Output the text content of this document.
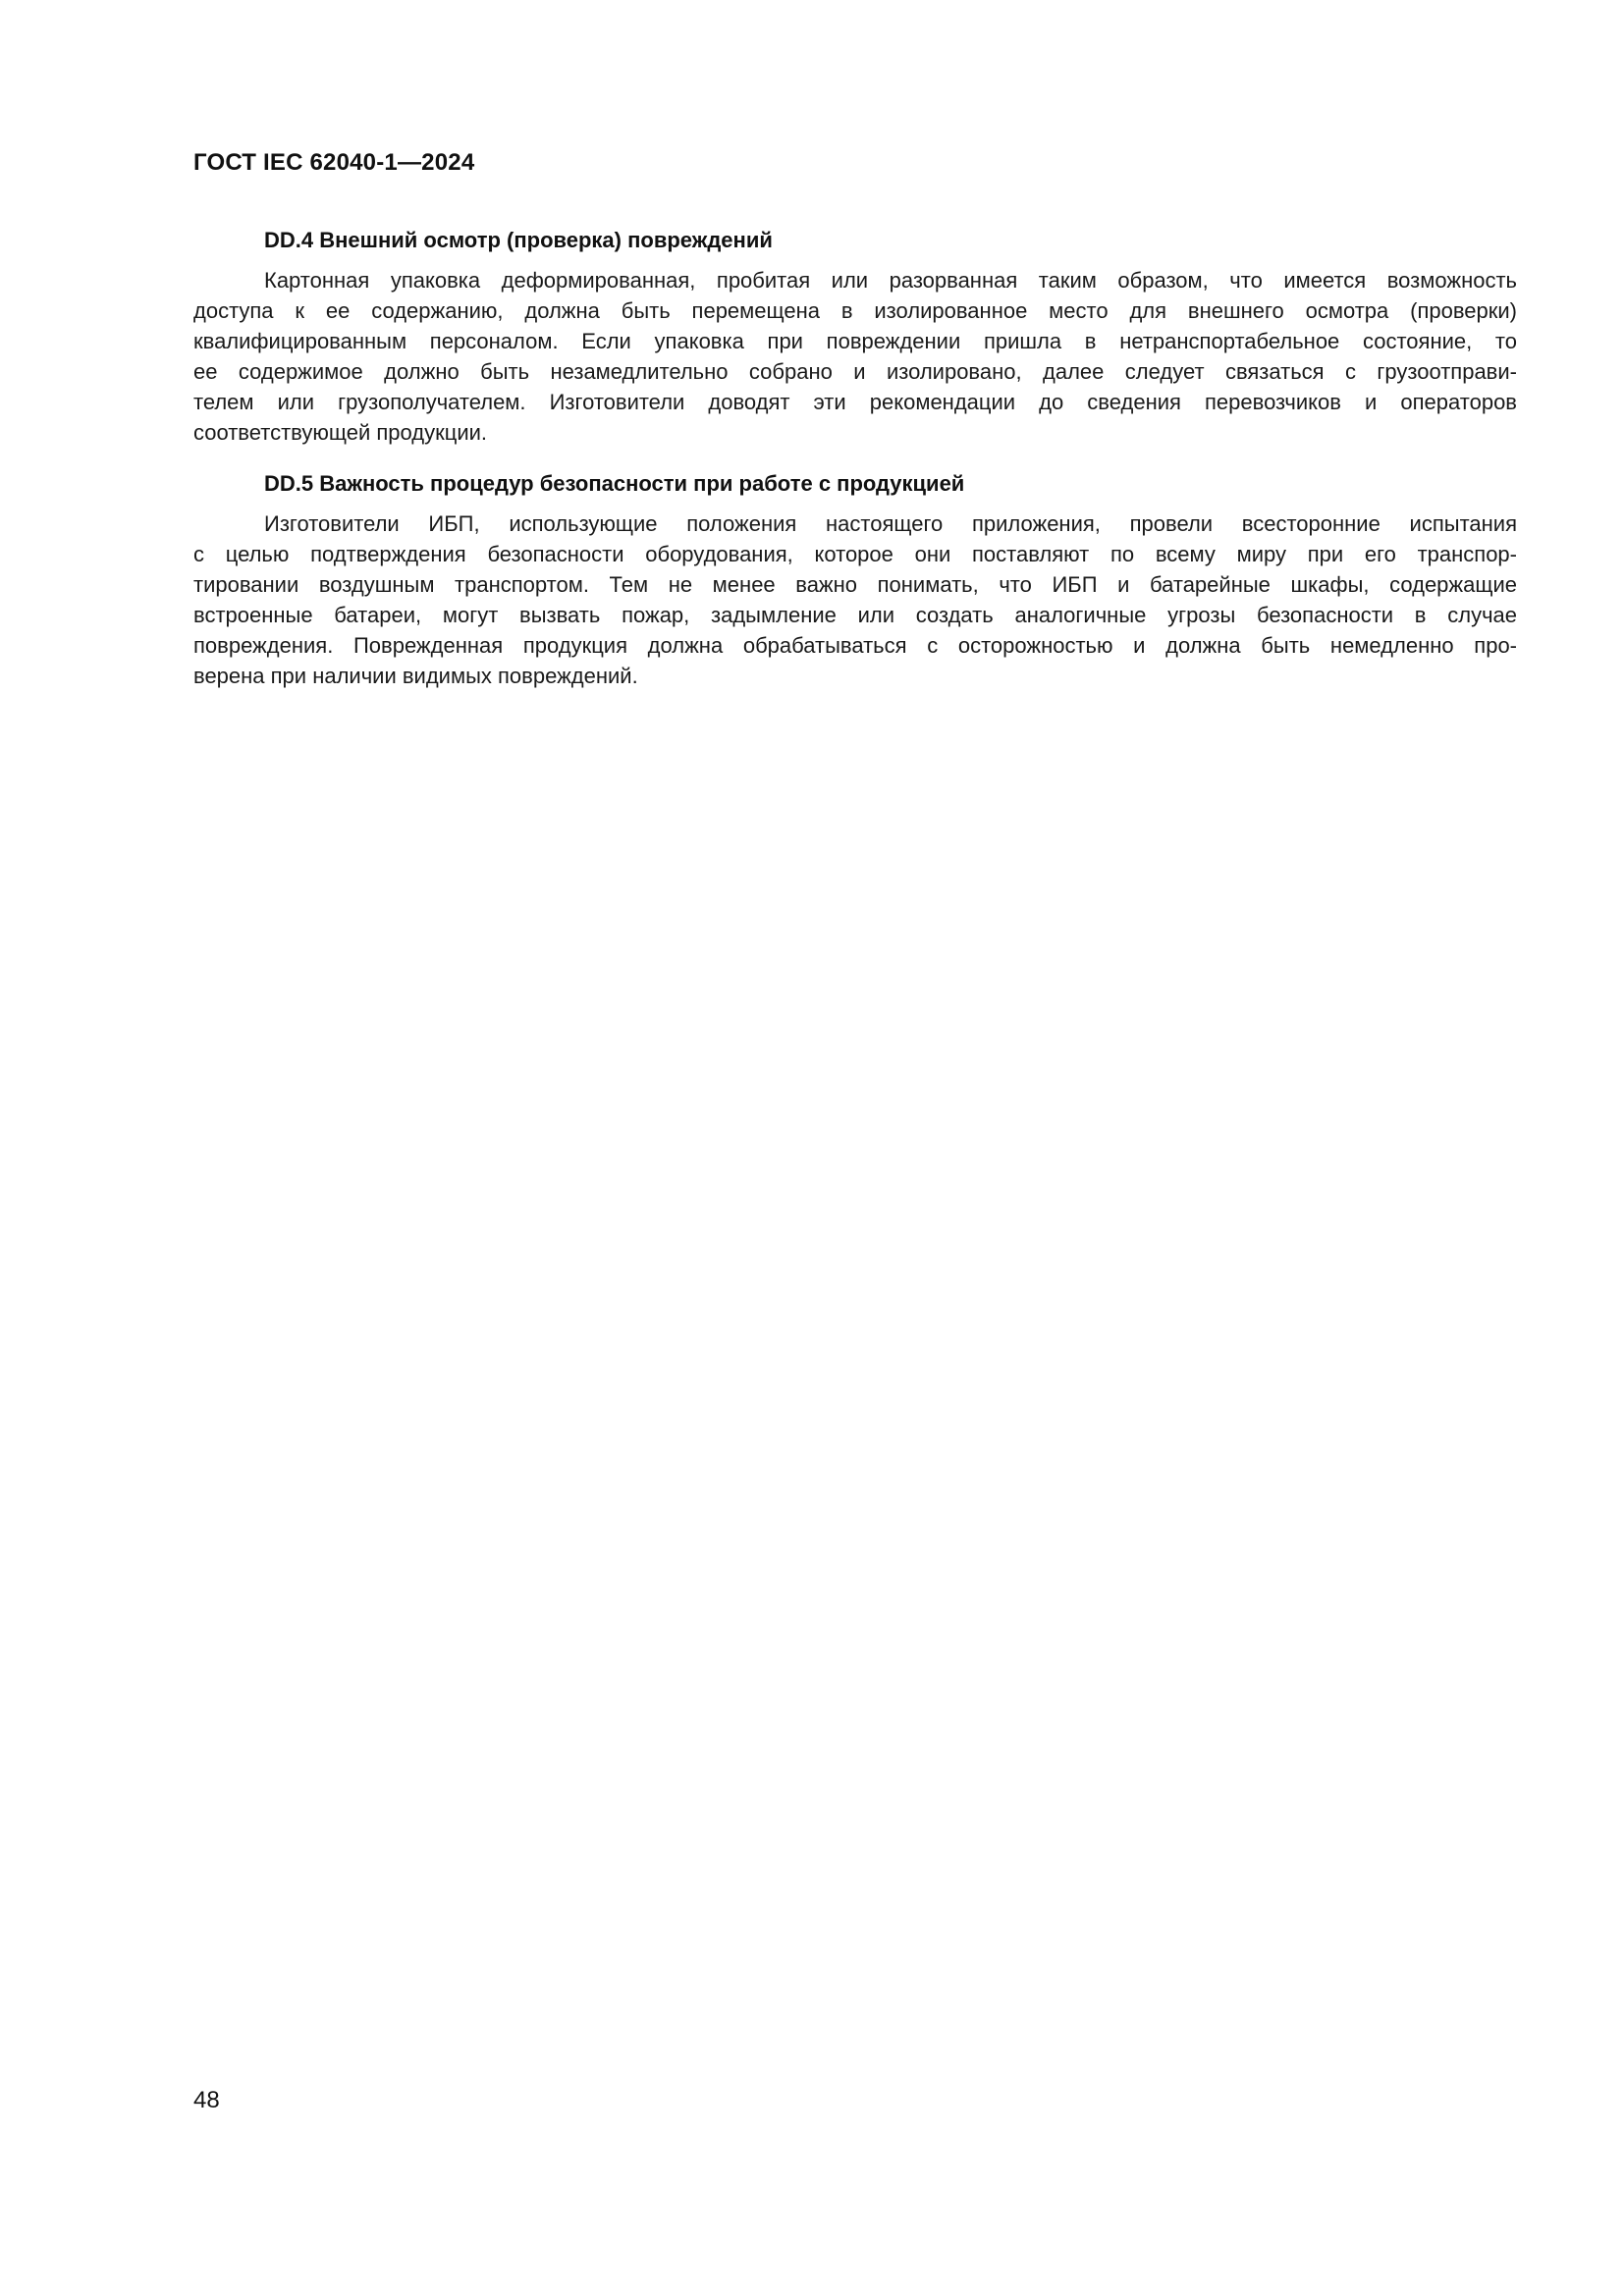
ГОСТ IEC 62040-1—2024
DD.4 Внешний осмотр (проверка) повреждений
Картонная упаковка деформированная, пробитая или разорванная таким образом, что имеется возможность
доступа к ее содержанию, должна быть перемещена в изолированное место для внешнего осмотра (проверки)
квалифицированным персоналом. Если упаковка при повреждении пришла в нетранспортабельное состояние, то
ее содержимое должно быть незамедлительно собрано и изолировано, далее следует связаться с грузоотправи-
телем или грузополучателем. Изготовители доводят эти рекомендации до сведения перевозчиков и операторов
соответствующей продукции.
DD.5 Важность процедур безопасности при работе с продукцией
Изготовители ИБП, использующие положения настоящего приложения, провели всесторонние испытания
с целью подтверждения безопасности оборудования, которое они поставляют по всему миру при его транспор-
тировании воздушным транспортом. Тем не менее важно понимать, что ИБП и батарейные шкафы, содержащие
встроенные батареи, могут вызвать пожар, задымление или создать аналогичные угрозы безопасности в случае
повреждения. Поврежденная продукция должна обрабатываться с осторожностью и должна быть немедленно про-
верена при наличии видимых повреждений.
48
